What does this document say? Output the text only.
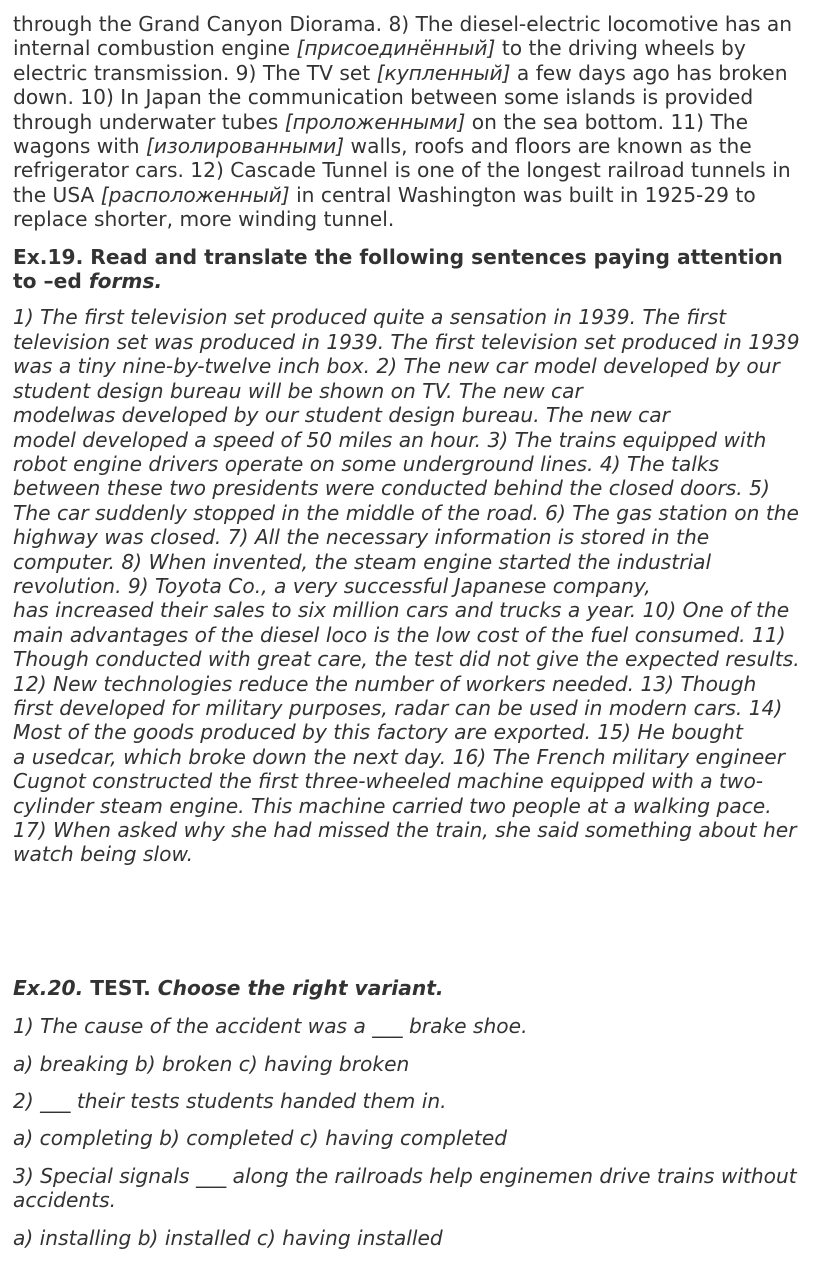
through the Grand Canyon Diorama. 8) The diesel-electric locomotive has an internal combustion engine [присоединённый] to the driving wheels by electric transmission. 9) The TV set [купленный] a few days ago has broken down. 10) In Japan the communication between some islands is provided through underwater tubes [проложенными] on the sea bottom. 11) The wagons with [изолированными] walls, roofs and floors are known as the refrigerator cars. 12) Cascade Tunnel is one of the longest railroad tunnels in the USA [расположенный] in central Washington was built in 1925-29 to replace shorter, more winding tunnel.

Ex.19. Read and translate the following sentences paying attention to –ed forms.

1) The first television set produced quite a sensation in 1939. The first
television set was produced in 1939. The first television set produced in 1939
was a tiny nine-by-twelve inch box. 2) The new car model developed by our
student design bureau will be shown on TV. The new car
modelwas developed by our student design bureau. The new car
model developed a speed of 50 miles an hour. 3) The trains equipped with
robot engine drivers operate on some underground lines. 4) The talks
between these two presidents were conducted behind the closed doors. 5)
The car suddenly stopped in the middle of the road. 6) The gas station on the
highway was closed. 7) All the necessary information is stored in the
computer. 8) When invented, the steam engine started the industrial
revolution. 9) Toyota Co., a very successful Japanese company,
has increased their sales to six million cars and trucks a year. 10) One of the
main advantages of the diesel loco is the low cost of the fuel consumed. 11)
Though conducted with great care, the test did not give the expected results.
12) New technologies reduce the number of workers needed. 13) Though
first developed for military purposes, radar can be used in modern cars. 14)
Most of the goods produced by this factory are exported. 15) He bought
a usedcar, which broke down the next day. 16) The French military engineer
Cugnot constructed the first three-wheeled machine equipped with a two-
cylinder steam engine. This machine carried two people at a walking pace.
17) When asked why she had missed the train, she said something about her
watch being slow.

Ex.20. TEST. Choose the right variant.

1) The cause of the accident was a ___ brake shoe.

a) breaking b) broken c) having broken

2) ___ their tests students handed them in.

a) completing b) completed c) having completed

3) Special signals ___ along the railroads help enginemen drive trains without accidents.

a) installing b) installed c) having installed
